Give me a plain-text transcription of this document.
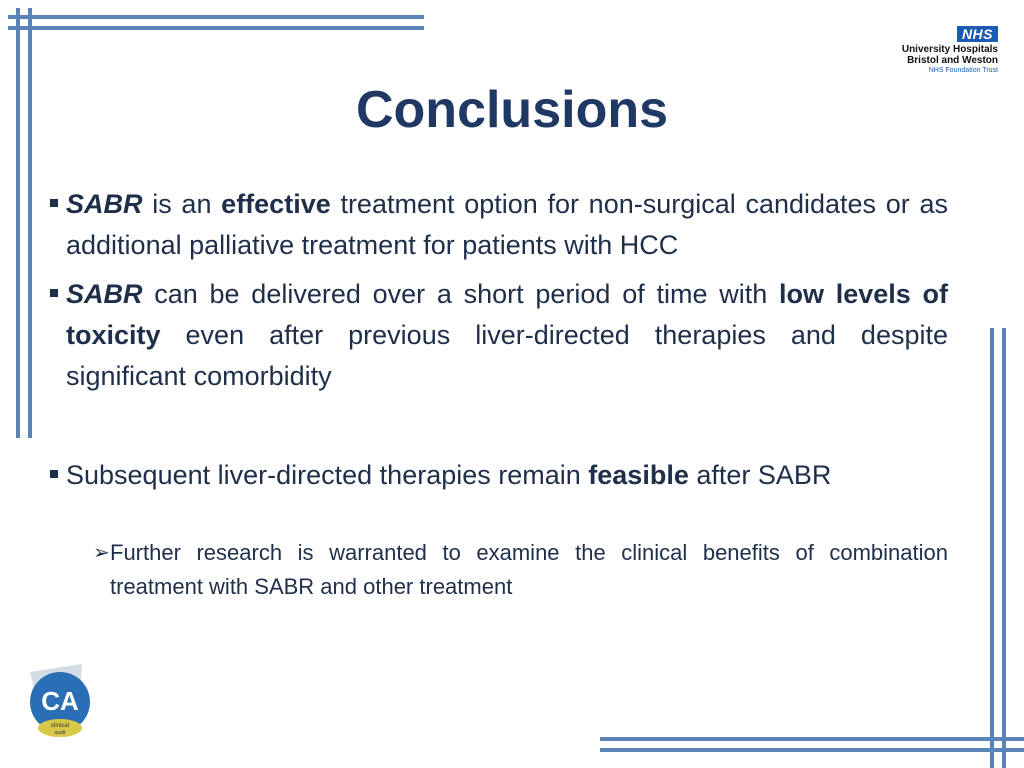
NHS
University Hospitals
Bristol and Weston
NHS Foundation Trust
Conclusions
SABR is an effective treatment option for non-surgical candidates or as additional palliative treatment for patients with HCC
SABR can be delivered over a short period of time with low levels of toxicity even after previous liver-directed therapies and despite significant comorbidity
Subsequent liver-directed therapies remain feasible after SABR
➢ Further research is warranted to examine the clinical benefits of combination treatment with SABR and other treatment
CA
clinical
audit
